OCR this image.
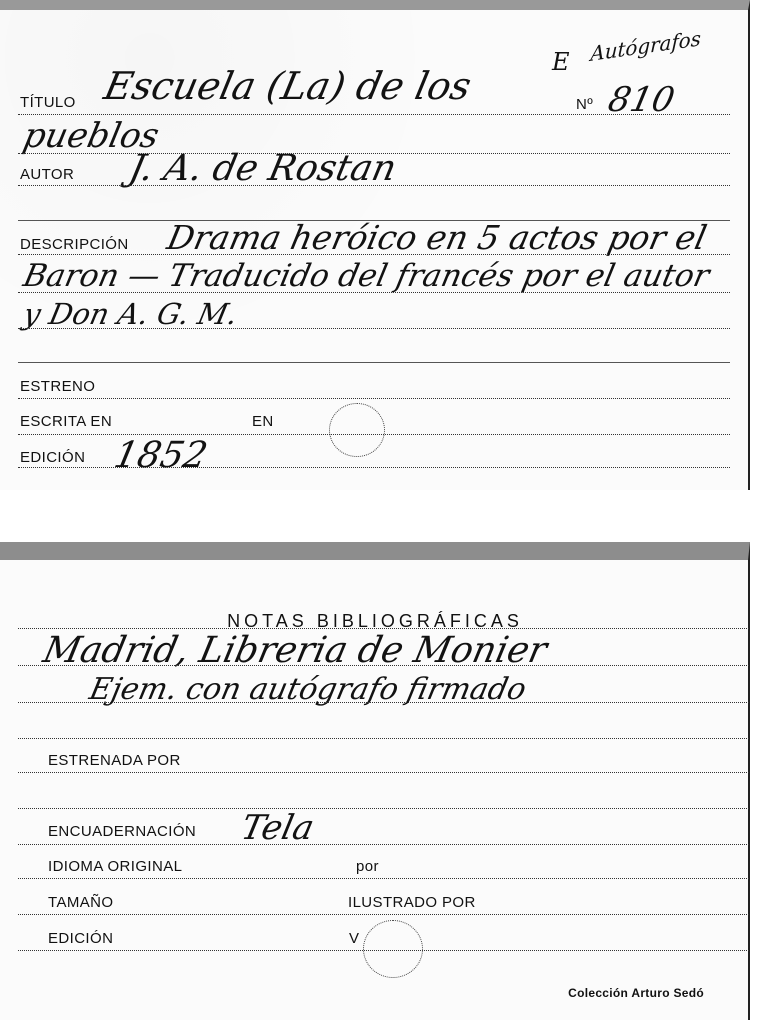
TÍTULO Escuela (La) de los
E Autógrafos
Nº 810
pueblos
AUTOR J. A. de Rostan
DESCRIPCIÓN Drama heróico en 5 actos por el
Baron — Traducido del francés por el autor
y Don A. G. M.
ESTRENO
ESCRITA EN	EN
EDICIÓN 1852
NOTAS BIBLIOGRÁFICAS
Madrid, Libreria de Monier
Ejem. con autógrafo firmado
ESTRENADA POR
ENCUADERNACIÓN Tela
IDIOMA ORIGINAL	por
TAMAÑO	ILUSTRADO POR
EDICIÓN	V
Colección Arturo Sedó
